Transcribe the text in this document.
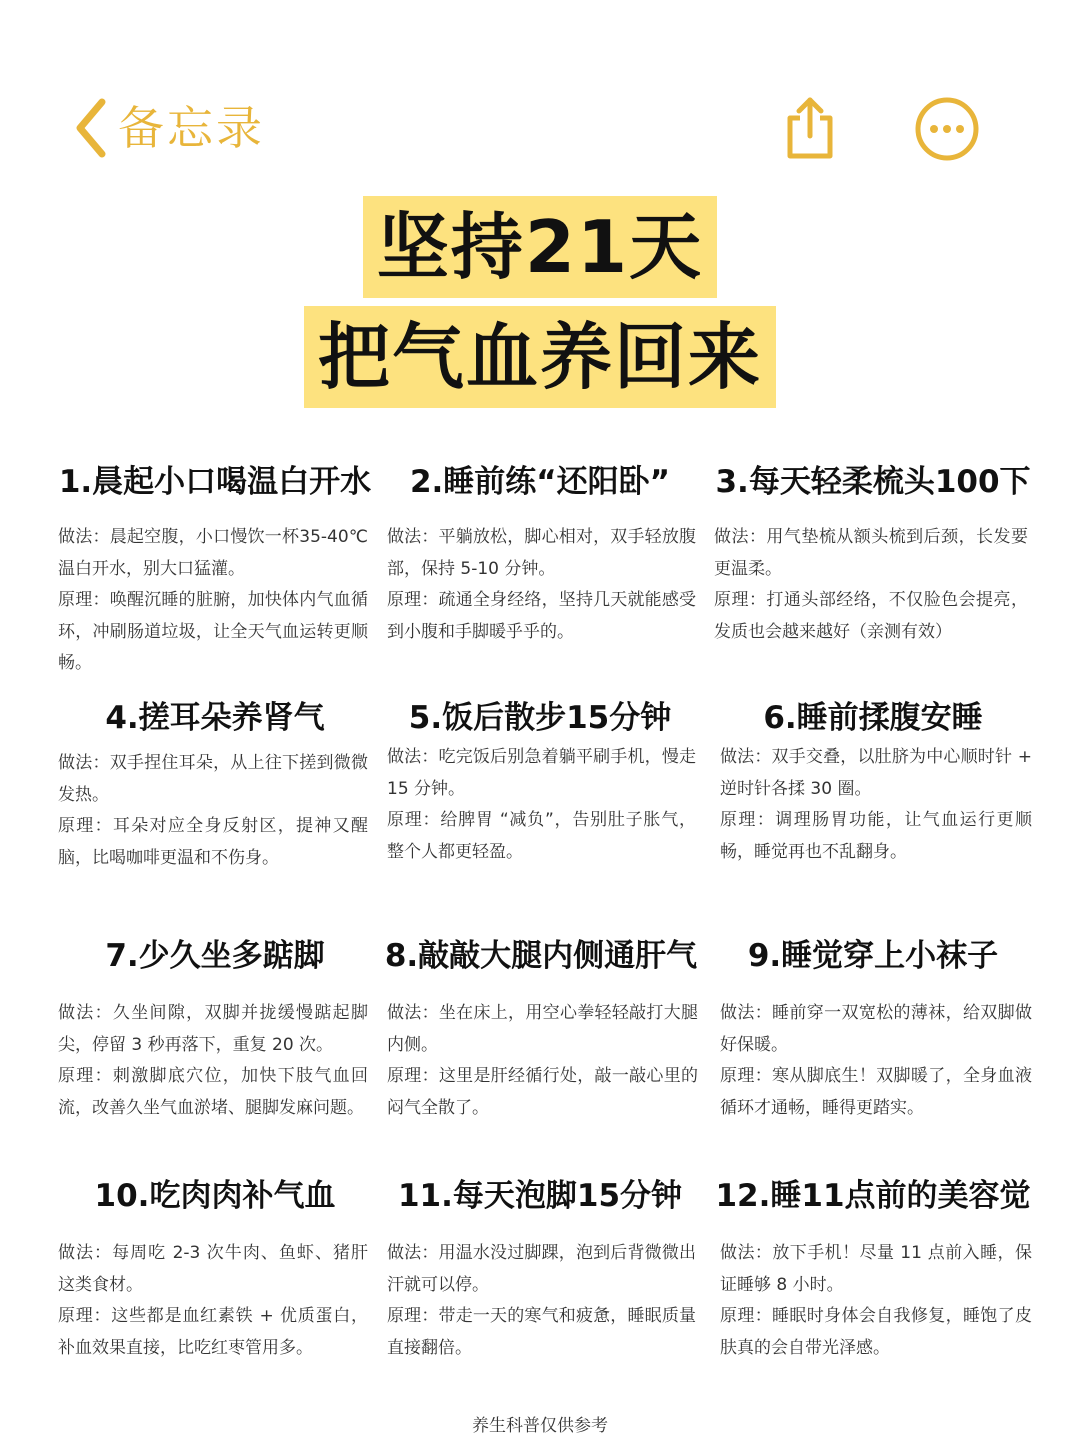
备忘录
坚持21天
把气血养回来
1.晨起小口喝温白开水

做法：晨起空腹，小口慢饮一杯35-40℃温白开水，别大口猛灌。

原理：唤醒沉睡的脏腑，加快体内气血循环，冲刷肠道垃圾，让全天气血运转更顺畅。

2.睡前练“还阳卧”

做法：平躺放松，脚心相对，双手轻放腹部，保持 5-10 分钟。

原理：疏通全身经络，坚持几天就能感受到小腹和手脚暖乎乎的。

3.每天轻柔梳头100下

做法：用气垫梳从额头梳到后颈，长发要更温柔。

原理：打通头部经络，不仅脸色会提亮，发质也会越来越好（亲测有效）

4.搓耳朵养肾气

做法：双手捏住耳朵，从上往下搓到微微发热。

原理：耳朵对应全身反射区，提神又醒脑，比喝咖啡更温和不伤身。

5.饭后散步15分钟

做法：吃完饭后别急着躺平刷手机，慢走 15 分钟。

原理：给脾胃 “减负”，告别肚子胀气，整个人都更轻盈。

6.睡前揉腹安睡

做法：双手交叠，以肚脐为中心顺时针 + 逆时针各揉 30 圈。

原理：调理肠胃功能，让气血运行更顺畅，睡觉再也不乱翻身。

7.少久坐多踮脚

做法：久坐间隙，双脚并拢缓慢踮起脚尖，停留 3 秒再落下，重复 20 次。

原理：刺激脚底穴位，加快下肢气血回流，改善久坐气血淤堵、腿脚发麻问题。

8.敲敲大腿内侧通肝气

做法：坐在床上，用空心拳轻轻敲打大腿内侧。

原理：这里是肝经循行处，敲一敲心里的闷气全散了。

9.睡觉穿上小袜子

做法：睡前穿一双宽松的薄袜，给双脚做好保暖。

原理：寒从脚底生！双脚暖了，全身血液循环才通畅，睡得更踏实。

10.吃肉肉补气血

做法：每周吃 2-3 次牛肉、鱼虾、猪肝这类食材。

原理：这些都是血红素铁 + 优质蛋白，补血效果直接，比吃红枣管用多。

11.每天泡脚15分钟

做法：用温水没过脚踝，泡到后背微微出汗就可以停。

原理：带走一天的寒气和疲惫，睡眠质量直接翻倍。

12.睡11点前的美容觉

做法：放下手机！尽量 11 点前入睡，保证睡够 8 小时。

原理：睡眠时身体会自我修复，睡饱了皮肤真的会自带光泽感。

养生科普仅供参考
